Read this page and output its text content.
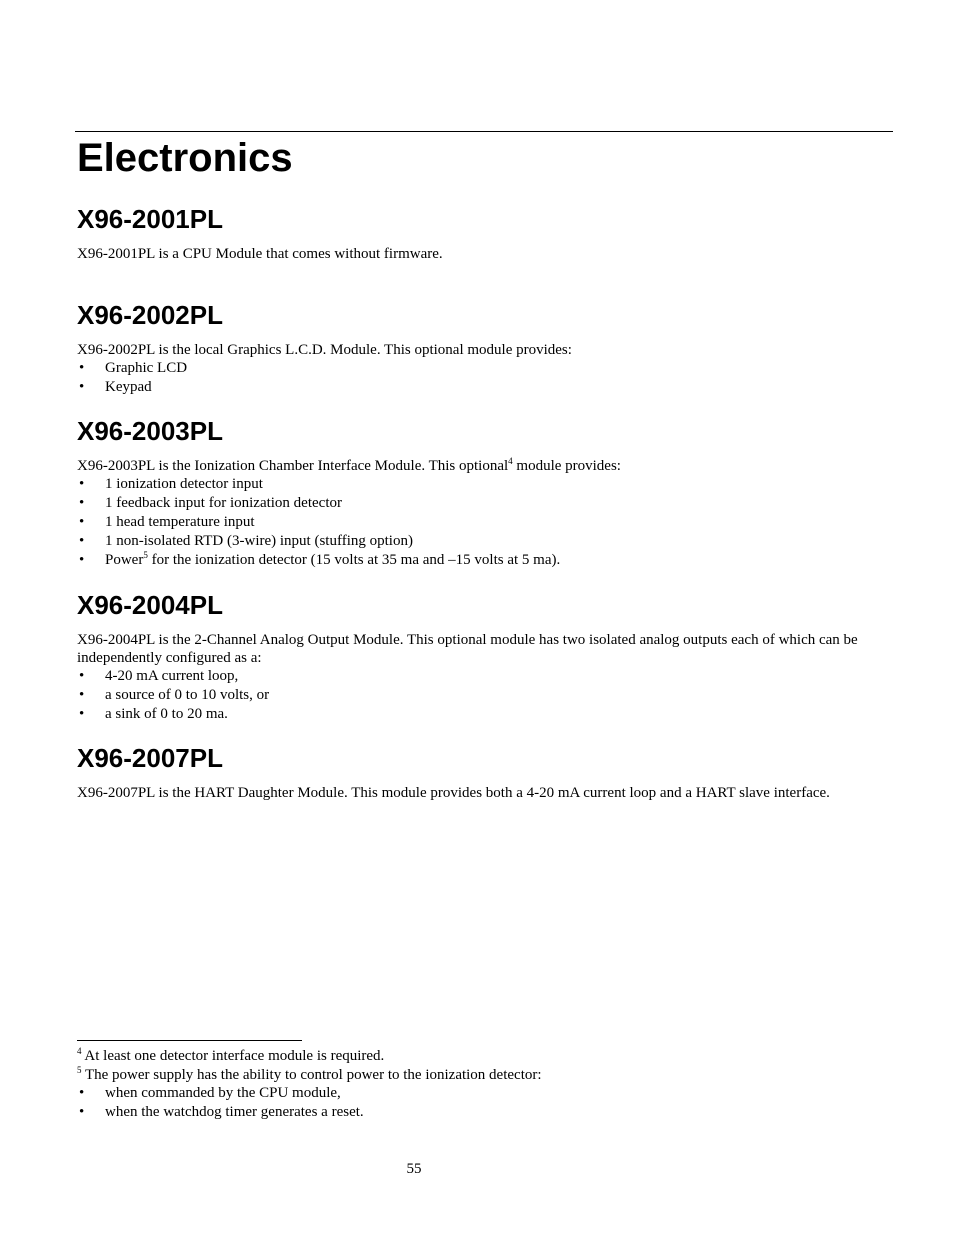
Electronics
X96-2001PL

X96-2001PL is a CPU Module that comes without firmware.

X96-2002PL

X96-2002PL is the local Graphics L.C.D. Module. This optional module provides:

• Graphic LCD
• Keypad
X96-2003PL

X96-2003PL is the Ionization Chamber Interface Module. This optional$^4$ module provides:

• 1 ionization detector input
• 1 feedback input for ionization detector
• 1 head temperature input
• 1 non-isolated RTD (3-wire) input (stuffing option)
• Power$^5$ for the ionization detector (15 volts at 35 ma and –15 volts at 5 ma).
X96-2004PL

X96-2004PL is the 2-Channel Analog Output Module. This optional module has two isolated analog outputs each of which can be independently configured as a:

• 4-20 mA current loop,
• a source of 0 to 10 volts, or
• a sink of 0 to 20 ma.
X96-2007PL

X96-2007PL is the HART Daughter Module. This module provides both a 4-20 mA current loop and a HART slave interface.

$^4$ At least one detector interface module is required.

$^5$ The power supply has the ability to control power to the ionization detector:

• when commanded by the CPU module,
• when the watchdog timer generates a reset.
55
